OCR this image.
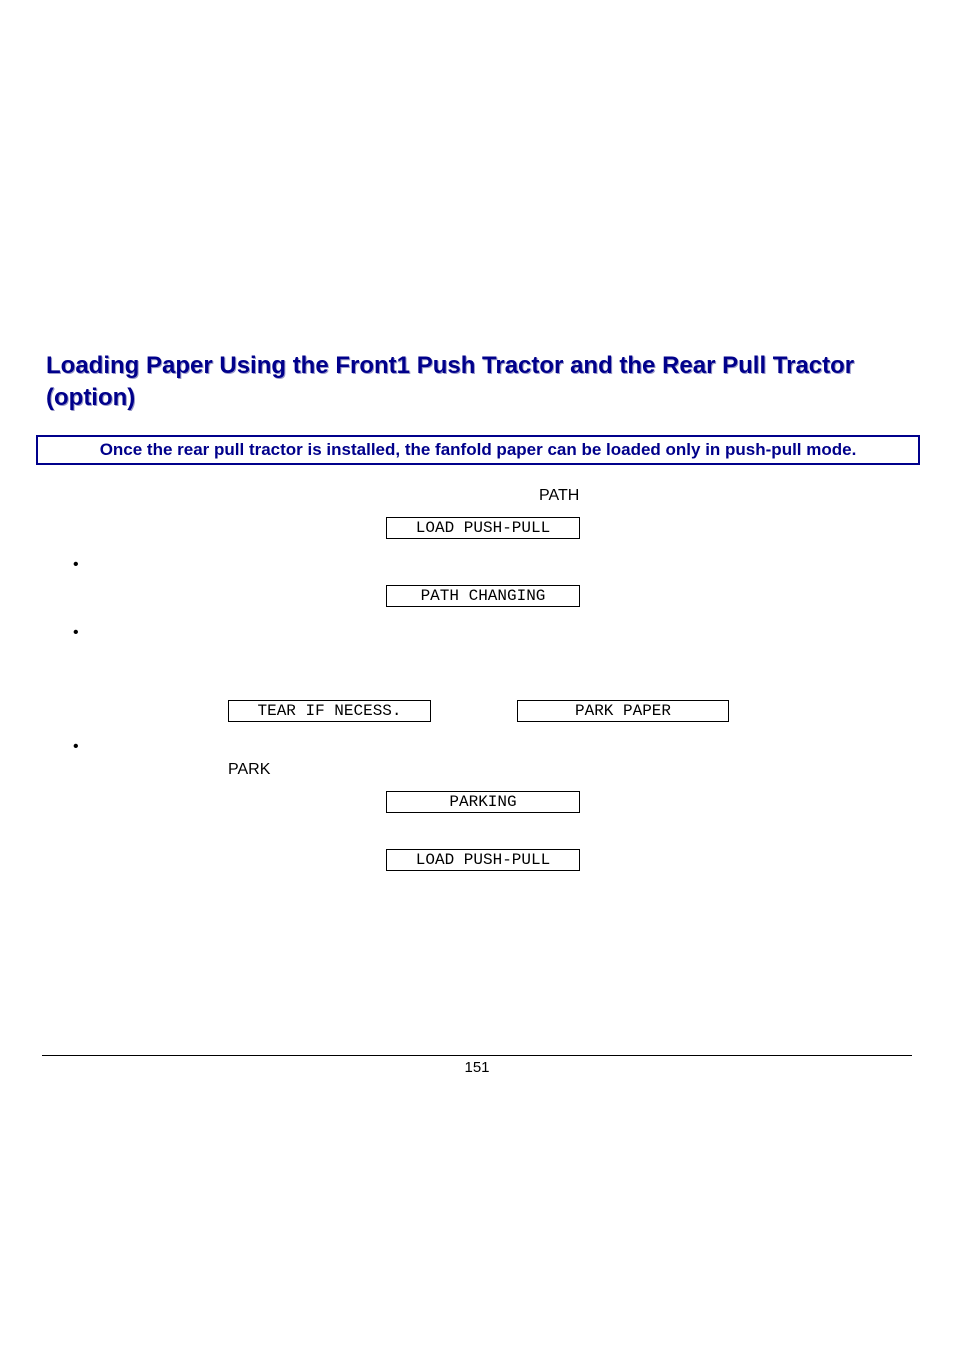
Loading Paper Using the Front1 Push Tractor and the Rear Pull Tractor (option)
Once the rear pull tractor is installed, the fanfold paper can be loaded only in push-pull mode.
PATH
LOAD PUSH-PULL
•
PATH CHANGING
•
TEAR IF NECESS.	PARK PAPER
•
PARK
PARKING
LOAD PUSH-PULL
151
